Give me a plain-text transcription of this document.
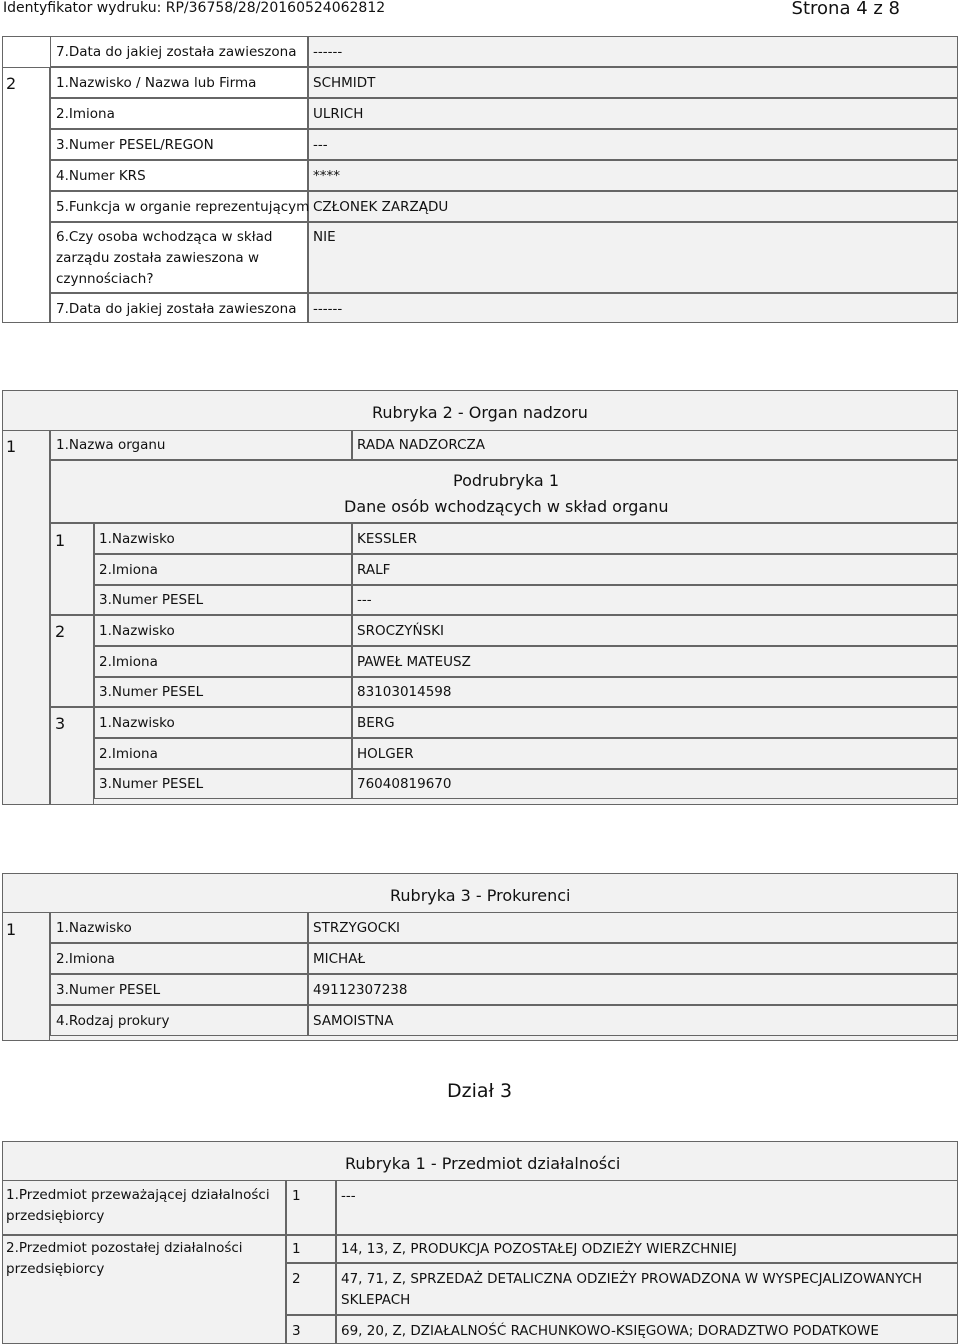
Identyfikator wydruku: RP/36758/28/20160524062812	Strona 4 z 8
7.Data do jakiej została zawieszona ------
2	1.Nazwisko / Nazwa lub Firma	SCHMIDT
2.Imiona	ULRICH
3.Numer PESEL/REGON	---
4.Numer KRS	****
5.Funkcja w organie reprezentującym CZŁONEK ZARZĄDU
6.Czy osoba wchodząca w skład zarządu została zawieszona w czynnościach?
NIE
7.Data do jakiej została zawieszona ------
Rubryka 2 - Organ nadzoru
1	1.Nazwa organu	RADA NADZORCZA
Podrubryka 1
Dane osób wchodzących w skład organu
1	1.Nazwisko	KESSLER
2.Imiona	RALF
3.Numer PESEL	---
2	1.Nazwisko	SROCZYŃSKI
2.Imiona	PAWEŁ MATEUSZ
3.Numer PESEL	83103014598
3	1.Nazwisko	BERG
2.Imiona	HOLGER
3.Numer PESEL	76040819670
Rubryka 3 - Prokurenci
1	1.Nazwisko	STRZYGOCKI
2.Imiona	MICHAŁ
3.Numer PESEL	49112307238
4.Rodzaj prokury	SAMOISTNA
Dział 3
Rubryka 1 - Przedmiot działalności
1.Przedmiot przeważającej działalności przedsiębiorcy
1	---
2.Przedmiot pozostałej działalności przedsiębiorcy
1	14, 13, Z, PRODUKCJA POZOSTAŁEJ ODZIEŻY WIERZCHNIEJ
2	47, 71, Z, SPRZEDAŻ DETALICZNA ODZIEŻY PROWADZONA W WYSPECJALIZOWANYCH SKLEPACH
3	69, 20, Z, DZIAŁALNOŚĆ RACHUNKOWO-KSIĘGOWA; DORADZTWO PODATKOWE
